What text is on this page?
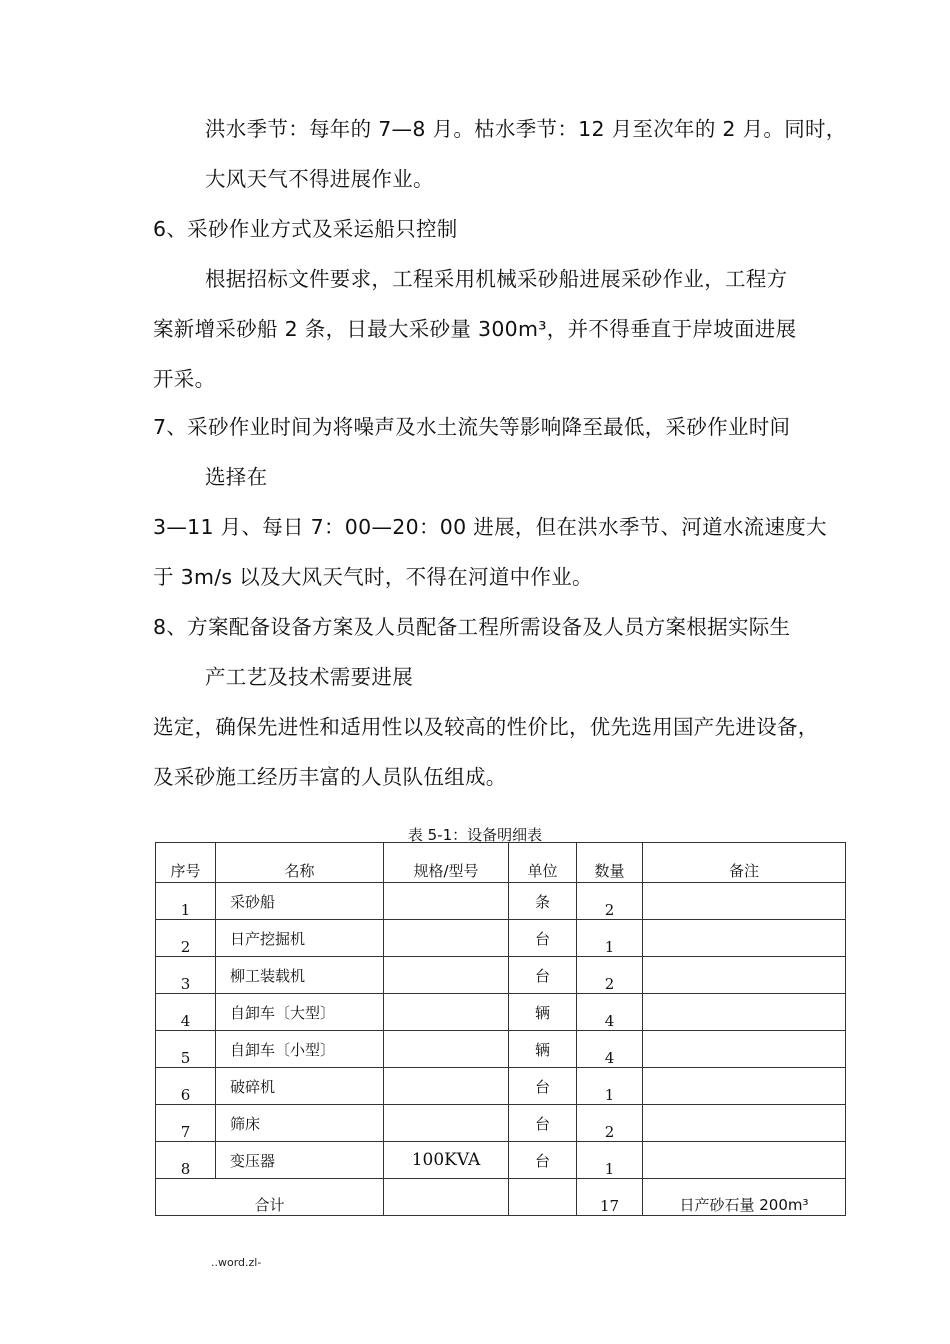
洪水季节：每年的 7—8 月。枯水季节：12 月至次年的 2 月。同时，
大风天气不得进展作业。
6、采砂作业方式及采运船只控制
根据招标文件要求，工程采用机械采砂船进展采砂作业，工程方
案新增采砂船 2 条，日最大采砂量 300m³，并不得垂直于岸坡面进展
开采。
7、采砂作业时间为将噪声及水土流失等影响降至最低，采砂作业时间
选择在
3—11 月、每日 7：00—20：00 进展，但在洪水季节、河道水流速度大
于 3m/s 以及大风天气时，不得在河道中作业。
8、方案配备设备方案及人员配备工程所需设备及人员方案根据实际生
产工艺及技术需要进展
选定，确保先进性和适用性以及较高的性价比，优先选用国产先进设备，
及采砂施工经历丰富的人员队伍组成。
表 5-1：设备明细表
序号	名称	规格/型号	单位	数量	备注
1	采砂船		条	2	
2	日产挖掘机		台	1	
3	柳工装载机		台	2	
4	自卸车〔大型〕		辆	4	
5	自卸车〔小型〕		辆	4	
6	破碎机		台	1	
7	筛床		台	2	
8	变压器	100KVA	台	1	
合计				17	日产砂石量 200m³
..word.zl-
